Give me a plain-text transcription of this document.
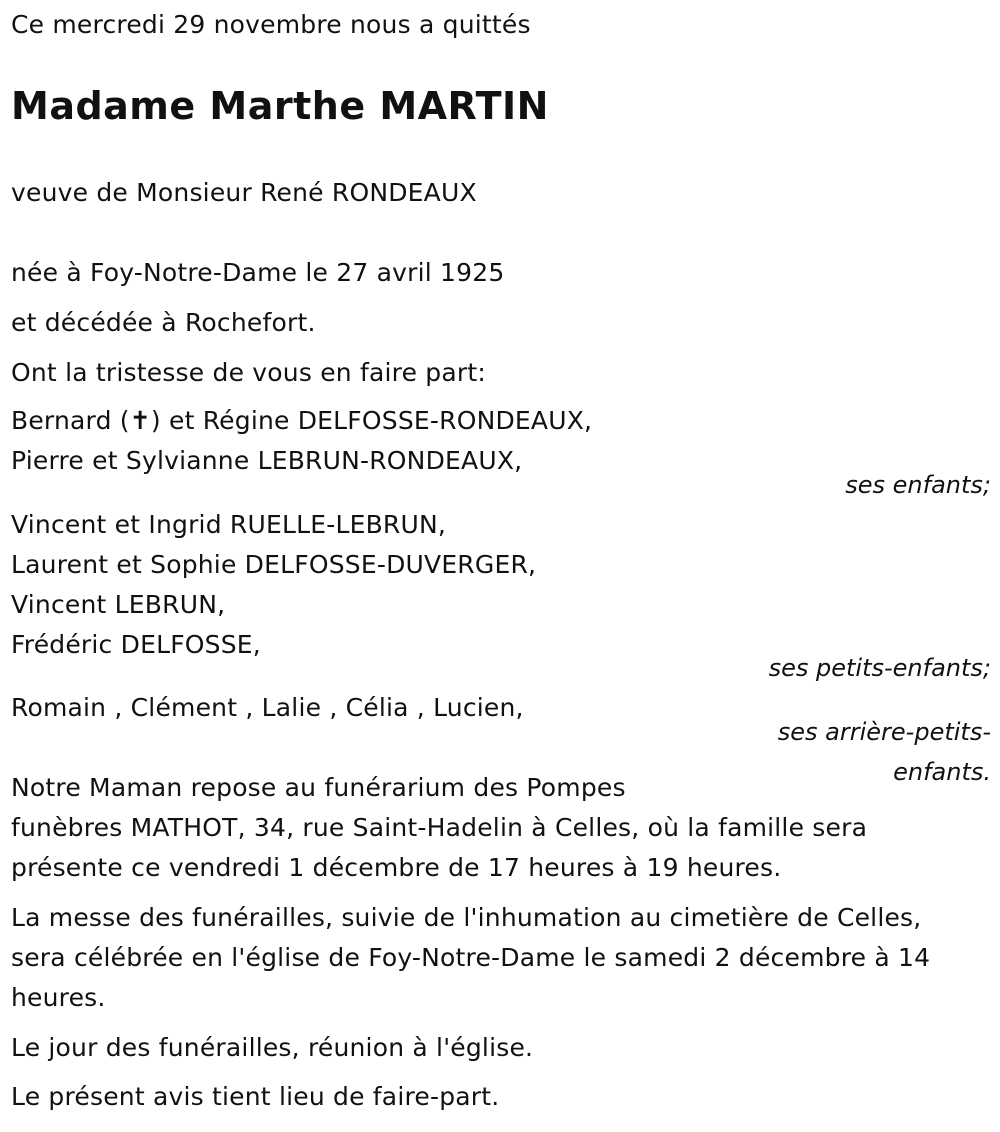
Ce mercredi 29 novembre nous a quittés
Madame Marthe MARTIN
veuve de Monsieur René RONDEAUX
née à Foy-Notre-Dame le 27 avril 1925
et décédée à Rochefort.
Ont la tristesse de vous en faire part:
Bernard (✝) et Régine DELFOSSE-RONDEAUX,
Pierre et Sylvianne LEBRUN-RONDEAUX,
ses enfants;
Vincent et Ingrid RUELLE-LEBRUN,
Laurent et Sophie DELFOSSE-DUVERGER,
Vincent LEBRUN,
Frédéric DELFOSSE,
ses petits-enfants;
Romain , Clément , Lalie , Célia , Lucien,
ses arrière-petits-
enfants.
Notre Maman repose au funérarium des Pompes
funèbres MATHOT, 34, rue Saint-Hadelin à Celles, où la famille sera
présente ce vendredi 1 décembre de 17 heures à 19 heures.
La messe des funérailles, suivie de l'inhumation au cimetière de Celles,
sera célébrée en l'église de Foy-Notre-Dame le samedi 2 décembre à 14
heures.
Le jour des funérailles, réunion à l'église.
Le présent avis tient lieu de faire-part.
